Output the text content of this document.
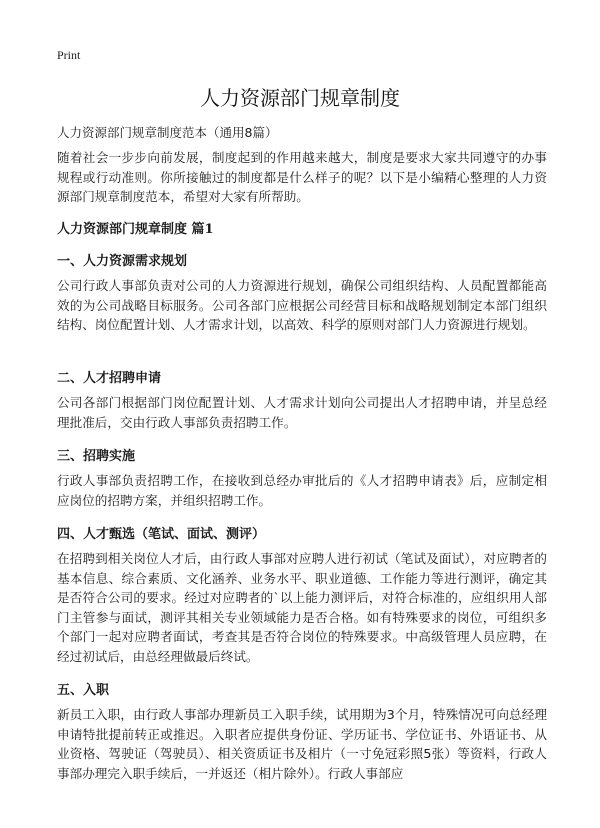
Print
人力资源部门规章制度

人力资源部门规章制度范本（通用8篇）

随着社会一步步向前发展，制度起到的作用越来越大，制度是要求大家共同遵守的办事规程或行动准则。你所接触过的制度都是什么样子的呢？以下是小编精心整理的人力资源部门规章制度范本，希望对大家有所帮助。

人力资源部门规章制度 篇1

一、人力资源需求规划

公司行政人事部负责对公司的人力资源进行规划，确保公司组织结构、人员配置都能高效的为公司战略目标服务。公司各部门应根据公司经营目标和战略规划制定本部门组织结构、岗位配置计划、人才需求计划，以高效、科学的原则对部门人力资源进行规划。

二、人才招聘申请

公司各部门根据部门岗位配置计划、人才需求计划向公司提出人才招聘申请，并呈总经理批准后，交由行政人事部负责招聘工作。

三、招聘实施

行政人事部负责招聘工作，在接收到总经办审批后的《人才招聘申请表》后，应制定相应岗位的招聘方案，并组织招聘工作。

四、人才甄选（笔试、面试、测评）

在招聘到相关岗位人才后，由行政人事部对应聘人进行初试（笔试及面试），对应聘者的基本信息、综合素质、文化涵养、业务水平、职业道德、工作能力等进行测评，确定其是否符合公司的要求。经过对应聘者的`以上能力测评后，对符合标准的，应组织用人部门主管参与面试，测评其相关专业领域能力是否合格。如有特殊要求的岗位，可组织多个部门一起对应聘者面试，考查其是否符合岗位的特殊要求。中高级管理人员应聘，在经过初试后，由总经理做最后终试。

五、入职

新员工入职，由行政人事部办理新员工入职手续，试用期为3个月，特殊情况可向总经理申请特批提前转正或推迟。入职者应提供身份证、学历证书、学位证书、外语证书、从业资格、驾驶证（驾驶员）、相关资质证书及相片（一寸免冠彩照5张）等资料，行政人事部办理完入职手续后，一并返还（相片除外）。行政人事部应
